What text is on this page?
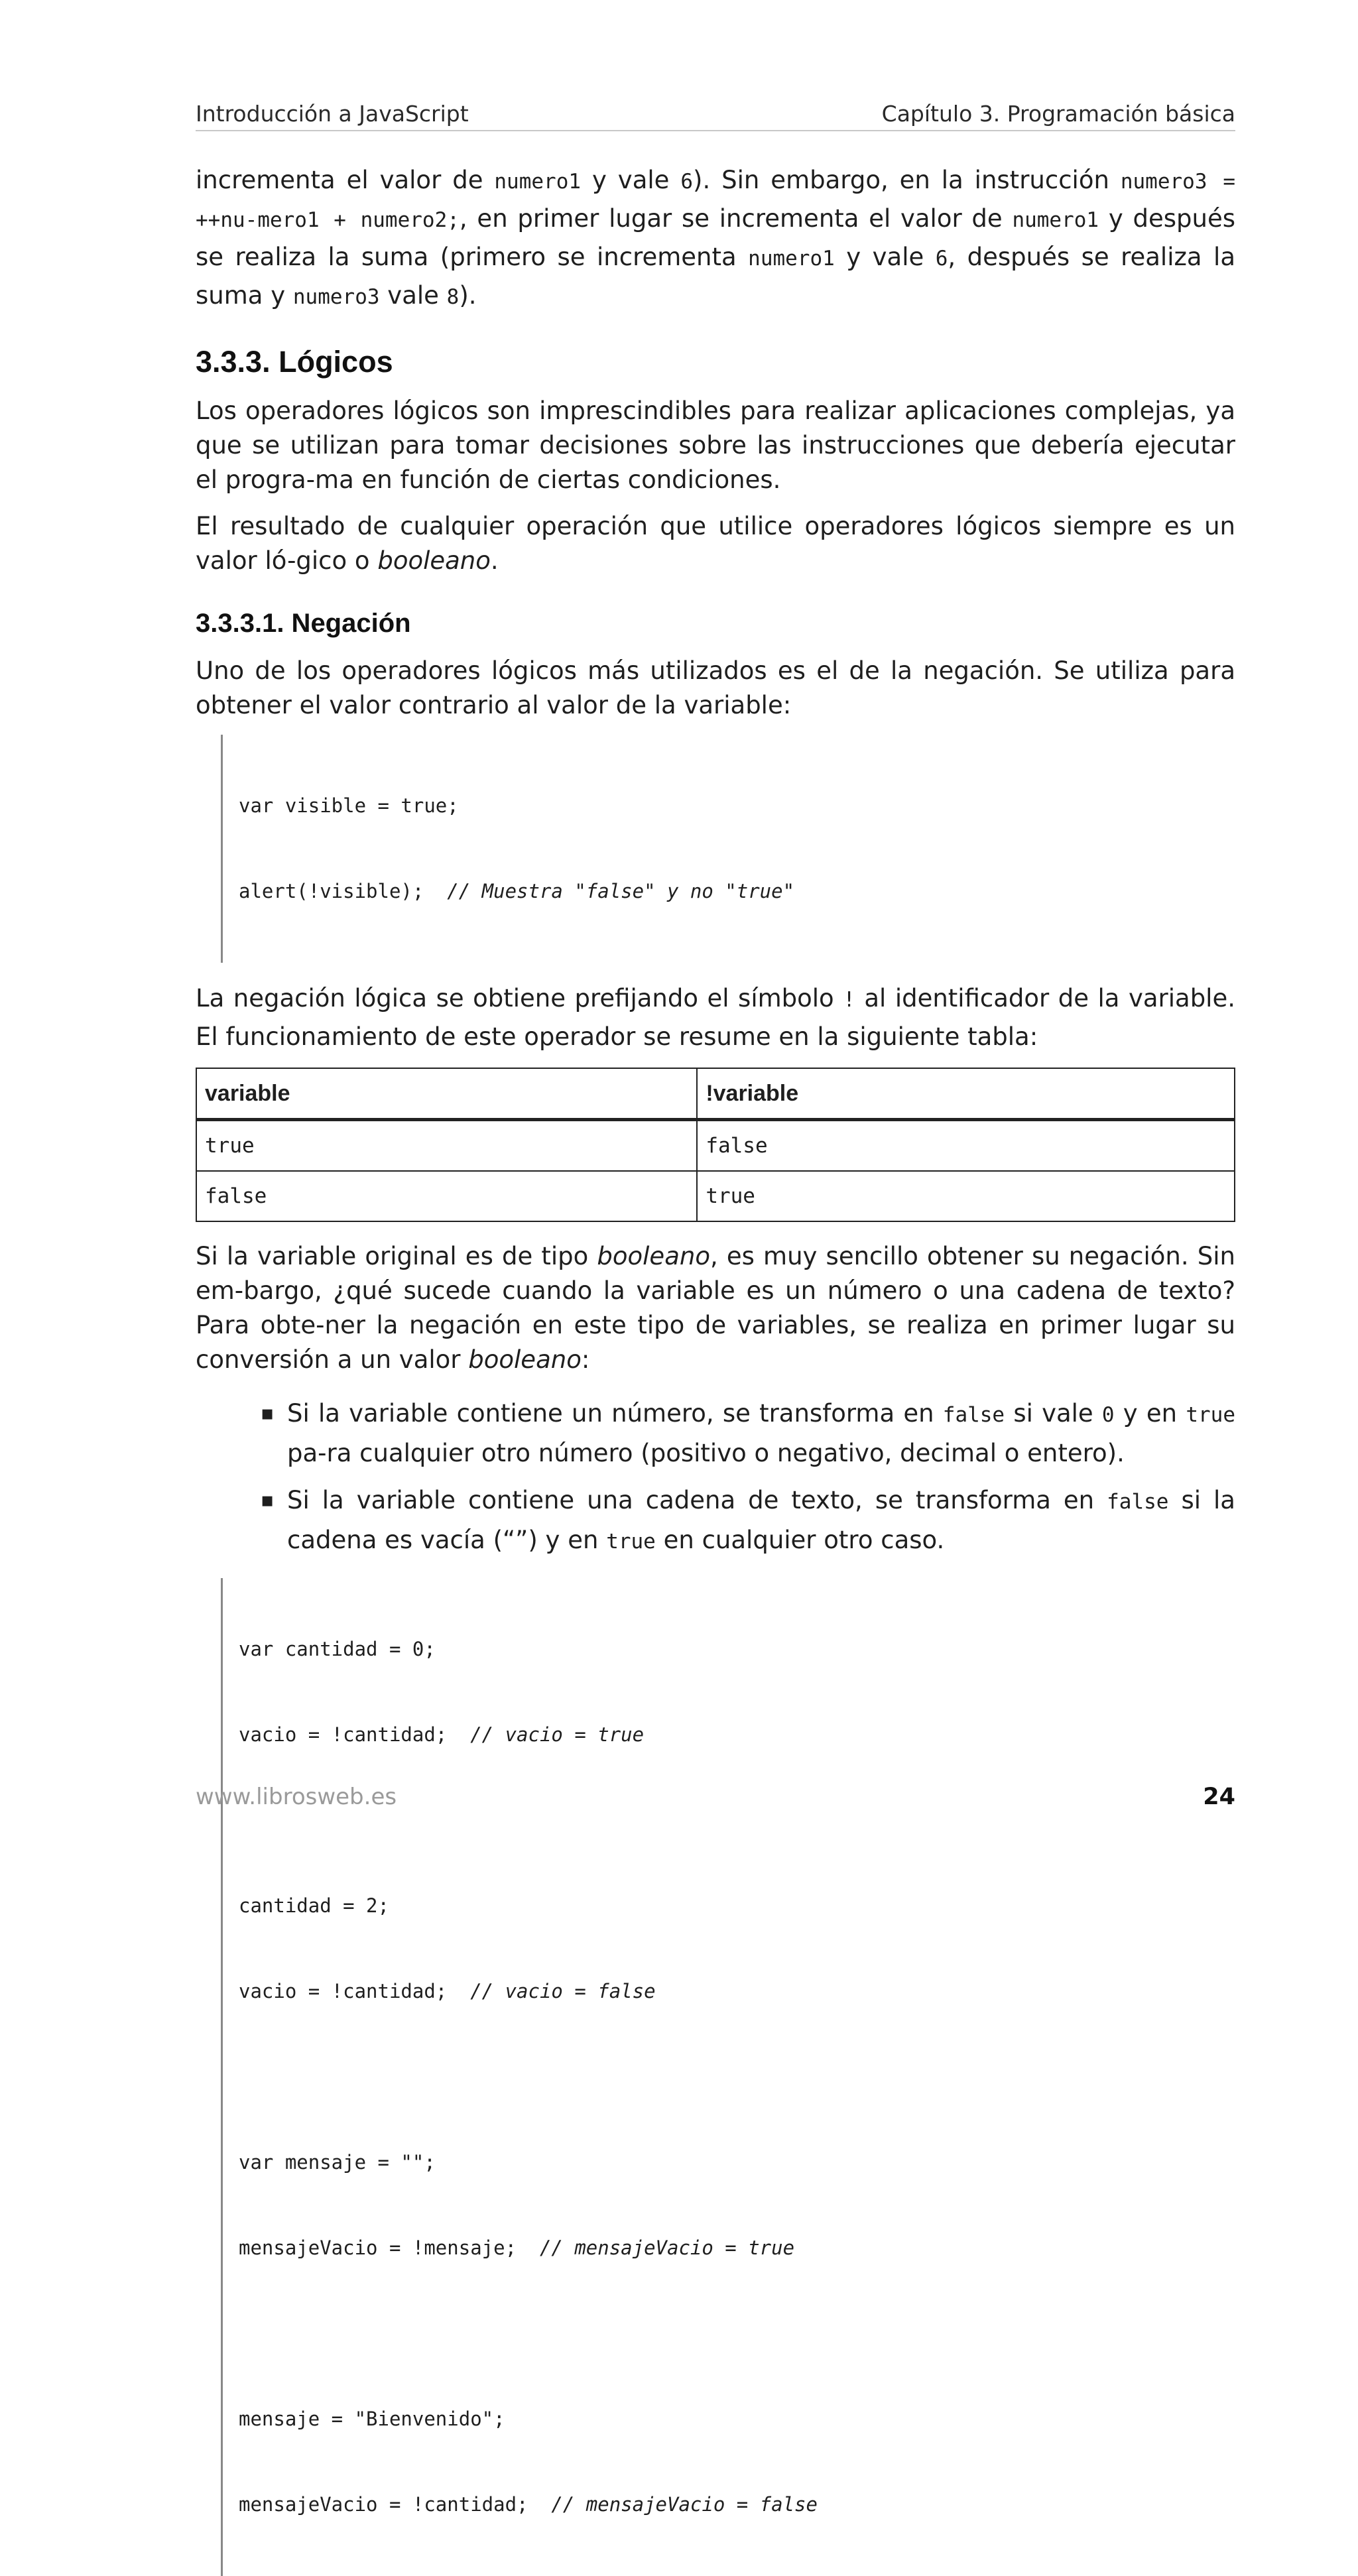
Introducción a JavaScript	Capítulo 3. Programación básica

incrementa el valor de numero1 y vale 6). Sin embargo, en la instrucción numero3 = ++nu-mero1 + numero2;, en primer lugar se incrementa el valor de numero1 y después se realiza la suma (primero se incrementa numero1 y vale 6, después se realiza la suma y numero3 vale 8).

3.3.3. Lógicos

Los operadores lógicos son imprescindibles para realizar aplicaciones complejas, ya que se utilizan para tomar decisiones sobre las instrucciones que debería ejecutar el progra-ma en función de ciertas condiciones.

El resultado de cualquier operación que utilice operadores lógicos siempre es un valor ló-gico o booleano.

3.3.3.1. Negación

Uno de los operadores lógicos más utilizados es el de la negación. Se utiliza para obtener el valor contrario al valor de la variable:

var visible = true;

alert(!visible);  // Muestra "false" y no "true"

La negación lógica se obtiene prefijando el símbolo ! al identificador de la variable. El funcionamiento de este operador se resume en la siguiente tabla:

variable	!variable
true	false
false	true

Si la variable original es de tipo booleano, es muy sencillo obtener su negación. Sin em-bargo, ¿qué sucede cuando la variable es un número o una cadena de texto? Para obte-ner la negación en este tipo de variables, se realiza en primer lugar su conversión a un valor booleano:

▪ Si la variable contiene un número, se transforma en false si vale 0 y en true pa-ra cualquier otro número (positivo o negativo, decimal o entero).
▪ Si la variable contiene una cadena de texto, se transforma en false si la cadena es vacía (“”) y en true en cualquier otro caso.

var cantidad = 0;

vacio = !cantidad;  // vacio = true

cantidad = 2;

vacio = !cantidad;  // vacio = false

var mensaje = "";

mensajeVacio = !mensaje;  // mensajeVacio = true

mensaje = "Bienvenido";

mensajeVacio = !cantidad;  // mensajeVacio = false

www.librosweb.es	24
